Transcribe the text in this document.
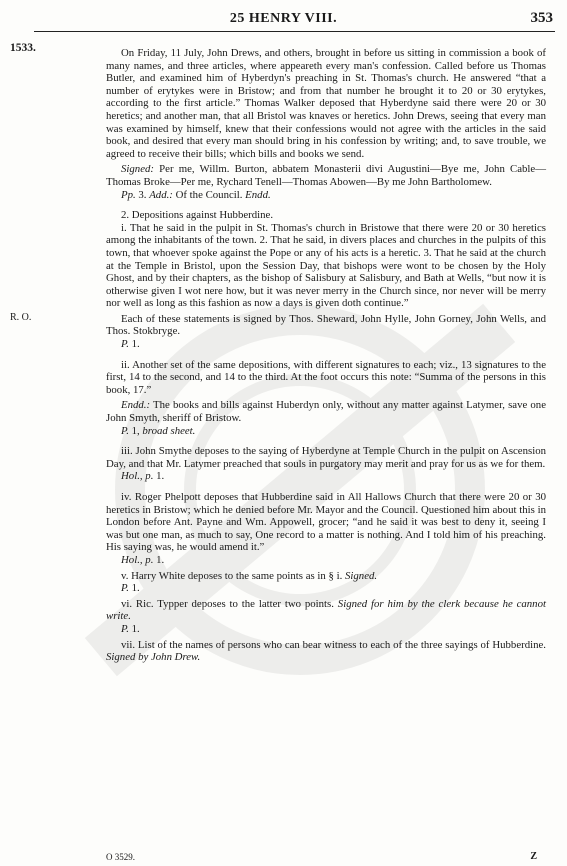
25 HENRY VIII.	353
1533.
R. O.

On Friday, 11 July, John Drews, and others, brought in before us sitting in commission a book of many names, and three articles, where appeareth every man's confession. Called before us Thomas Butler, and examined him of Hyberdyn's preaching in St. Thomas's church. He answered “that a number of erytykes were in Bristow; and from that number he brought it to 20 or 30 erytykes, according to the first article.” Thomas Walker deposed that Hyberdyne said there were 20 or 30 heretics; and another man, that all Bristol was knaves or heretics. John Drews, seeing that every man was examined by himself, knew that their confessions would not agree with the articles in the said book, and desired that every man should bring in his confession by writing; and, to save trouble, we agreed to receive their bills; which bills and books we send.

Signed: Per me, Willm. Burton, abbatem Monasterii divi Augustini—Bye me, John Cable—Thomas Broke—Per me, Rychard Tenell—Thomas Abowen—By me John Bartholomew.

Pp. 3. Add.: Of the Council. Endd.

2. Depositions against Hubberdine.

i. That he said in the pulpit in St. Thomas's church in Bristowe that there were 20 or 30 heretics among the inhabitants of the town. 2. That he said, in divers places and churches in the pulpits of this town, that whoever spoke against the Pope or any of his acts is a heretic. 3. That he said at the church at the Temple in Bristol, upon the Session Day, that bishops were wont to be chosen by the Holy Ghost, and by their chapters, as the bishop of Salisbury at Salisbury, and Bath at Wells, “but now it is otherwise given I wot nere how, but it was never merry in the Church since, nor never will be merry nor well as long as this fashion as now a days is given doth continue.”

Each of these statements is signed by Thos. Sheward, John Hylle, John Gorney, John Wells, and Thos. Stokbryge.

P. 1.

ii. Another set of the same depositions, with different signatures to each; viz., 13 signatures to the first, 14 to the second, and 14 to the third. At the foot occurs this note: “Summa of the persons in this book, 17.”

Endd.: The books and bills against Huberdyn only, without any matter against Latymer, save one John Smyth, sheriff of Bristow.

P. 1, broad sheet.

iii. John Smythe deposes to the saying of Hyberdyne at Temple Church in the pulpit on Ascension Day, and that Mr. Latymer preached that souls in purgatory may merit and pray for us as we for them.

Hol., p. 1.

iv. Roger Phelpott deposes that Hubberdine said in All Hallows Church that there were 20 or 30 heretics in Bristow; which he denied before Mr. Mayor and the Council. Questioned him about this in London before Ant. Payne and Wm. Appowell, grocer; “and he said it was best to deny it, seeing I was but one man, as much to say, One record to a matter is nothing. And I told him of his preaching. His saying was, he would amend it.”

Hol., p. 1.

v. Harry White deposes to the same points as in § i. Signed.

P. 1.

vi. Ric. Typper deposes to the latter two points. Signed for him by the clerk because he cannot write.

P. 1.

vii. List of the names of persons who can bear witness to each of the three sayings of Hubberdine. Signed by John Drew.

O 3529.	Z
